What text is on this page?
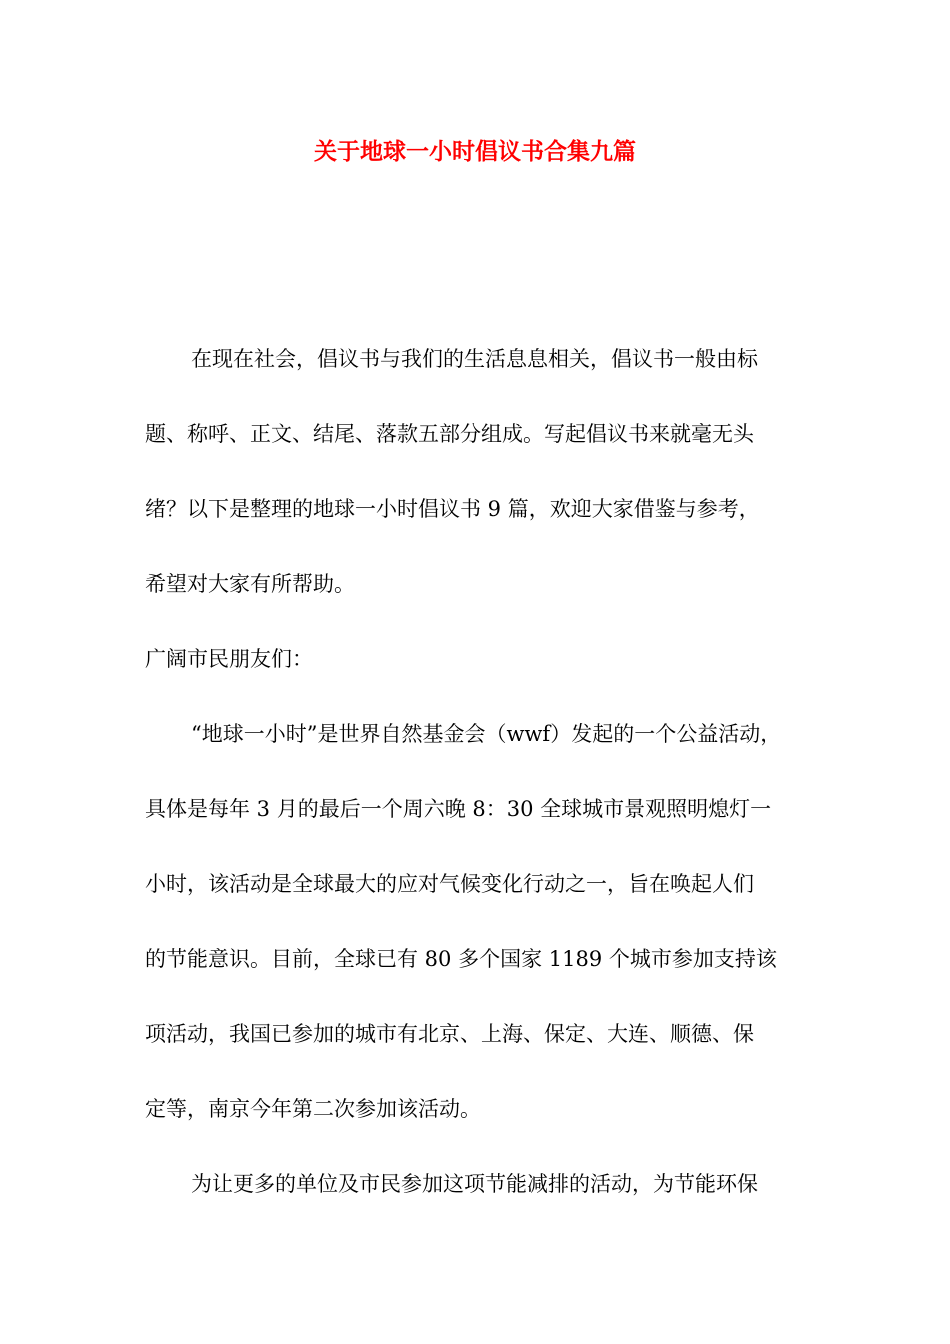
关于地球一小时倡议书合集九篇

在现在社会，倡议书与我们的生活息息相关，倡议书一般由标

题、称呼、正文、结尾、落款五部分组成。写起倡议书来就毫无头

绪？以下是整理的地球一小时倡议书 9 篇，欢迎大家借鉴与参考，

希望对大家有所帮助。

广阔市民朋友们：

“地球一小时”是世界自然基金会（wwf）发起的一个公益活动，

具体是每年 3 月的最后一个周六晚 8：30 全球城市景观照明熄灯一

小时，该活动是全球最大的应对气候变化行动之一，旨在唤起人们

的节能意识。目前，全球已有 80 多个国家 1189 个城市参加支持该

项活动，我国已参加的城市有北京、上海、保定、大连、顺德、保

定等，南京今年第二次参加该活动。

为让更多的单位及市民参加这项节能减排的活动，为节能环保
